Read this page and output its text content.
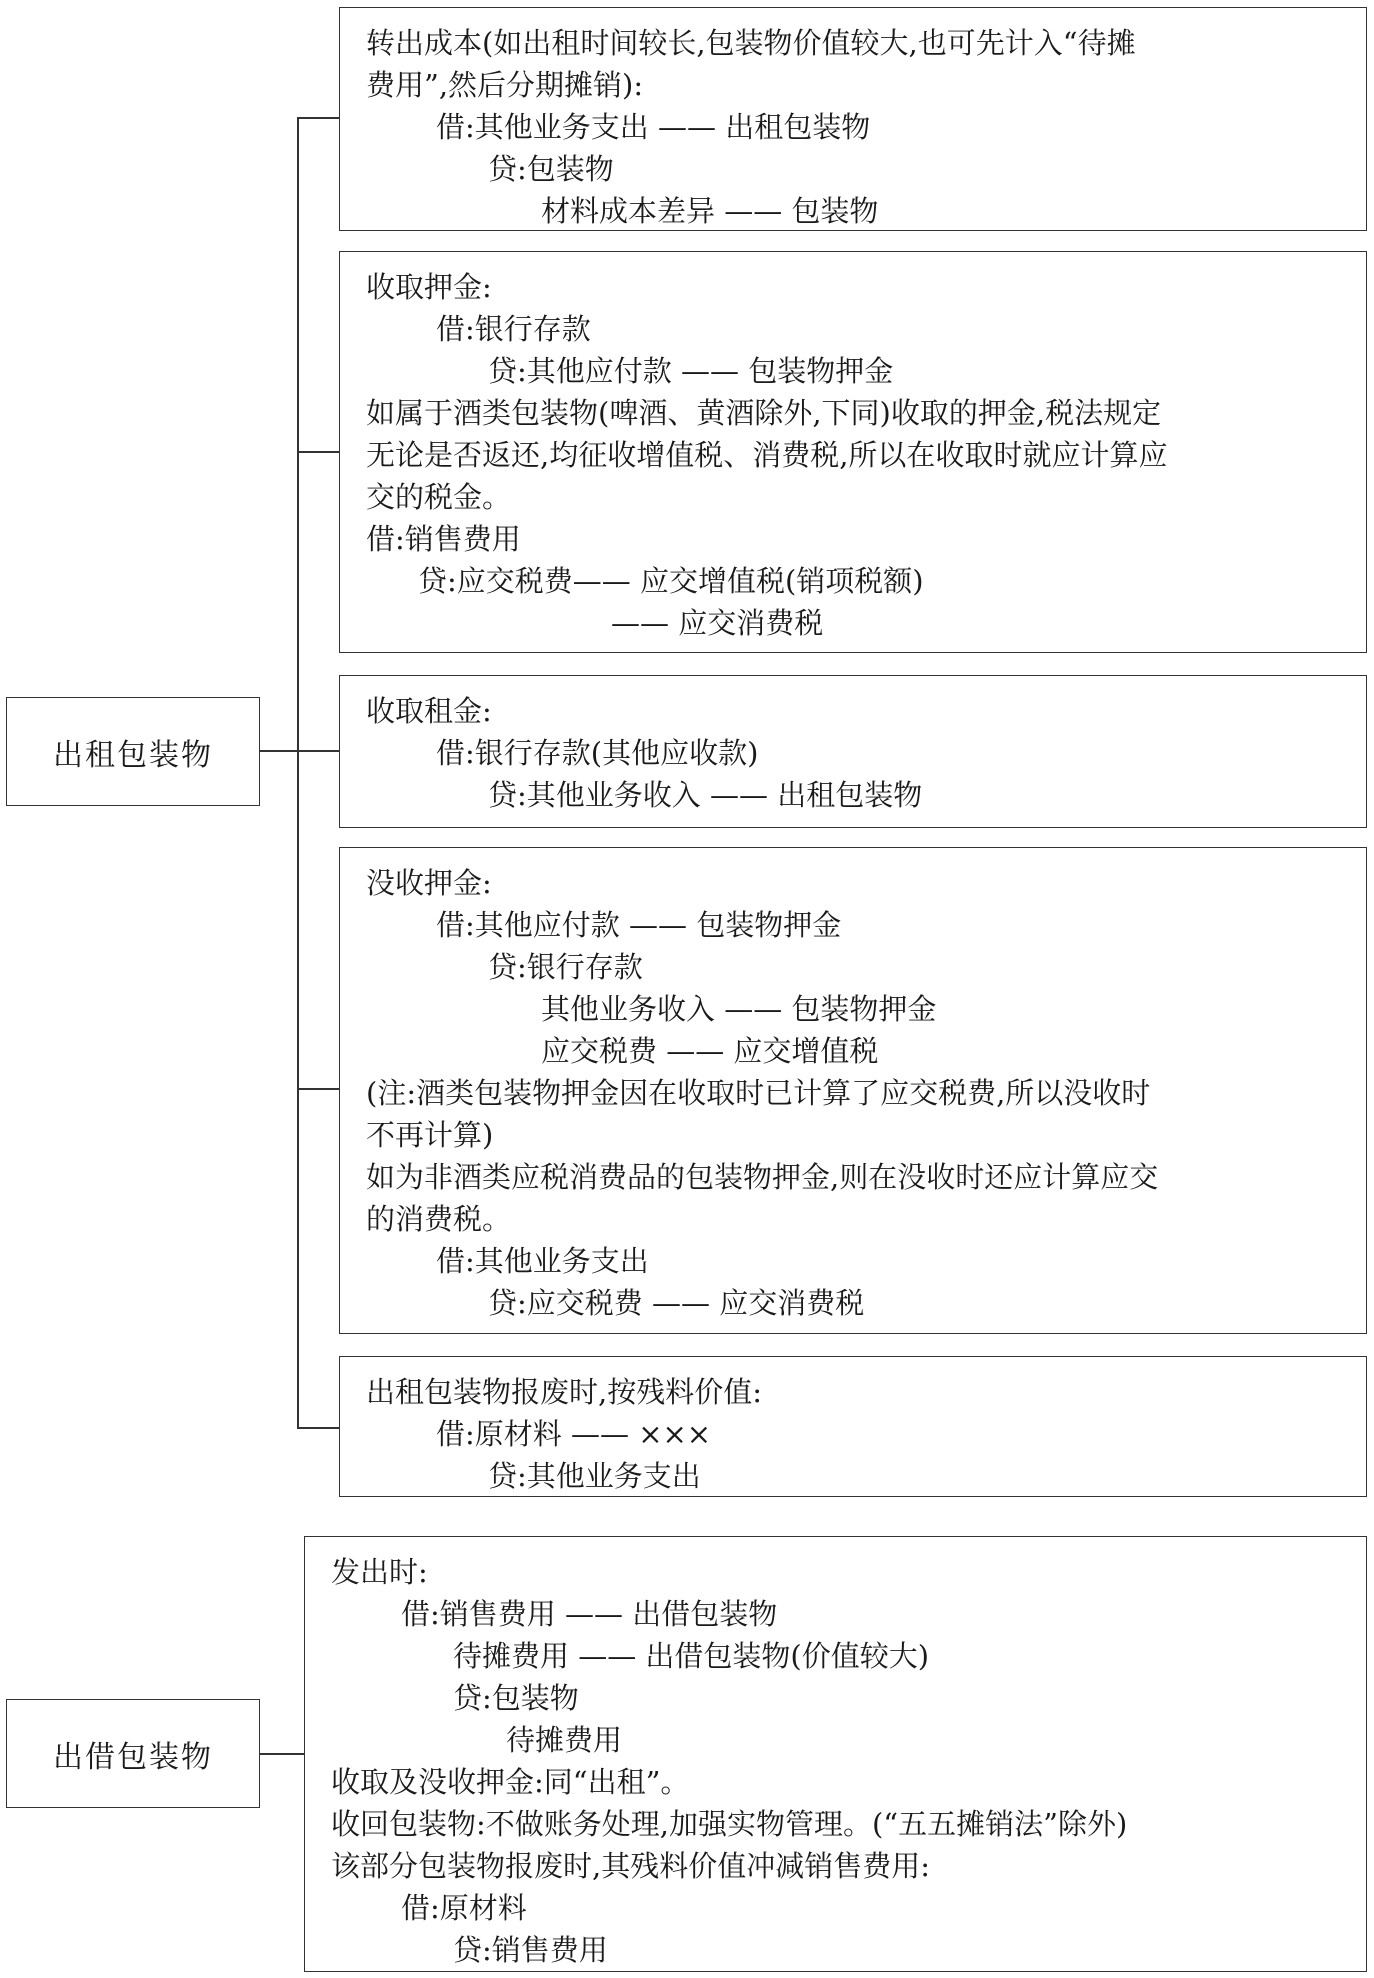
出租包装物
出借包装物
转出成本(如出租时间较长,包装物价值较大,也可先计入“待摊
费用”,然后分期摊销):
借:其他业务支出 —— 出租包装物
贷:包装物
材料成本差异 —— 包装物
收取押金:
借:银行存款
贷:其他应付款 —— 包装物押金
如属于酒类包装物(啤酒、黄酒除外,下同)收取的押金,税法规定
无论是否返还,均征收增值税、消费税,所以在收取时就应计算应
交的税金。
借:销售费用
贷:应交税费—— 应交增值税(销项税额)
—— 应交消费税
收取租金:
借:银行存款(其他应收款)
贷:其他业务收入 —— 出租包装物
没收押金:
借:其他应付款 —— 包装物押金
贷:银行存款
其他业务收入 —— 包装物押金
应交税费 —— 应交增值税
(注:酒类包装物押金因在收取时已计算了应交税费,所以没收时
不再计算)
如为非酒类应税消费品的包装物押金,则在没收时还应计算应交
的消费税。
借:其他业务支出
贷:应交税费 —— 应交消费税
出租包装物报废时,按残料价值:
借:原材料 —— ×××
贷:其他业务支出
发出时:
借:销售费用 —— 出借包装物
待摊费用 —— 出借包装物(价值较大)
贷:包装物
待摊费用
收取及没收押金:同“出租”。
收回包装物:不做账务处理,加强实物管理。(“五五摊销法”除外)
该部分包装物报废时,其残料价值冲减销售费用:
借:原材料
贷:销售费用
